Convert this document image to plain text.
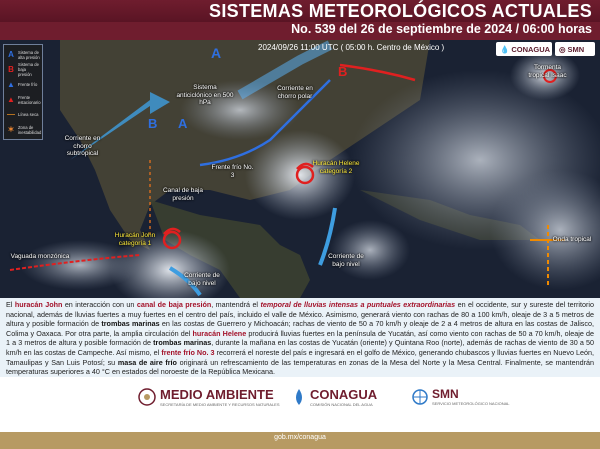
SISTEMAS METEOROLÓGICOS ACTUALES
No. 539 del 26 de septiembre de 2024 / 06:00 horas
A
A
B
B
2024/09/26 11:00 UTC ( 05:00 h. Centro de México )	💧 CONAGUA ◎ SMN
A Sistema de alta presión
B Sistema de baja presión
▲ Frente frío
▲ Frente estacionario
— Línea seca
✶ Zona de inestabilidad
Sistema anticiclónico en 500 hPa
Corriente en chorro subtropical
Corriente en chorro polar
Frente frío No. 3
Canal de baja presión
Huracán Helene categoría 2
Huracán John categoría 1
Vaguada monzónica
Corriente de bajo nivel
Corriente de bajo nivel
Tormenta tropical Isaac
Onda tropical

El huracán John en interacción con un canal de baja presión, mantendrá el temporal de lluvias intensas a puntuales extraordinarias en el occidente, sur y sureste del territorio nacional, además de lluvias fuertes a muy fuertes en el centro del país, incluido el valle de México. Asimismo, generará viento con rachas de 80 a 100 km/h, oleaje de 3 a 5 metros de altura y posible formación de trombas marinas en las costas de Guerrero y Michoacán; rachas de viento de 50 a 70 km/h y oleaje de 2 a 4 metros de altura en las costas de Jalisco, Colima y Oaxaca. Por otra parte, la amplia circulación del huracán Helene producirá lluvias fuertes en la península de Yucatán, así como viento con rachas de 50 a 70 km/h, oleaje de 1 a 3 metros de altura y posible formación de trombas marinas, durante la mañana en las costas de Yucatán (oriente) y Quintana Roo (norte), además de rachas de viento de 30 a 50 km/h en las costas de Campeche. Así mismo, el frente frío No. 3 recorrerá el noreste del país e ingresará en el golfo de México, generando chubascos y lluvias fuertes en Nuevo León, Tamaulipas y San Luis Potosí; su masa de aire frío originará un refrescamiento de las temperaturas en zonas de la Mesa del Norte y la Mesa Central. Finalmente, se mantendrán temperaturas superiores a 40 °C en estados del noroeste de la República Mexicana.

MEDIO AMBIENTE
SECRETARÍA DE MEDIO AMBIENTE Y RECURSOS NATURALES
CONAGUA
COMISIÓN NACIONAL DEL AGUA
SMN
SERVICIO METEOROLÓGICO NACIONAL
gob.mx/conagua
